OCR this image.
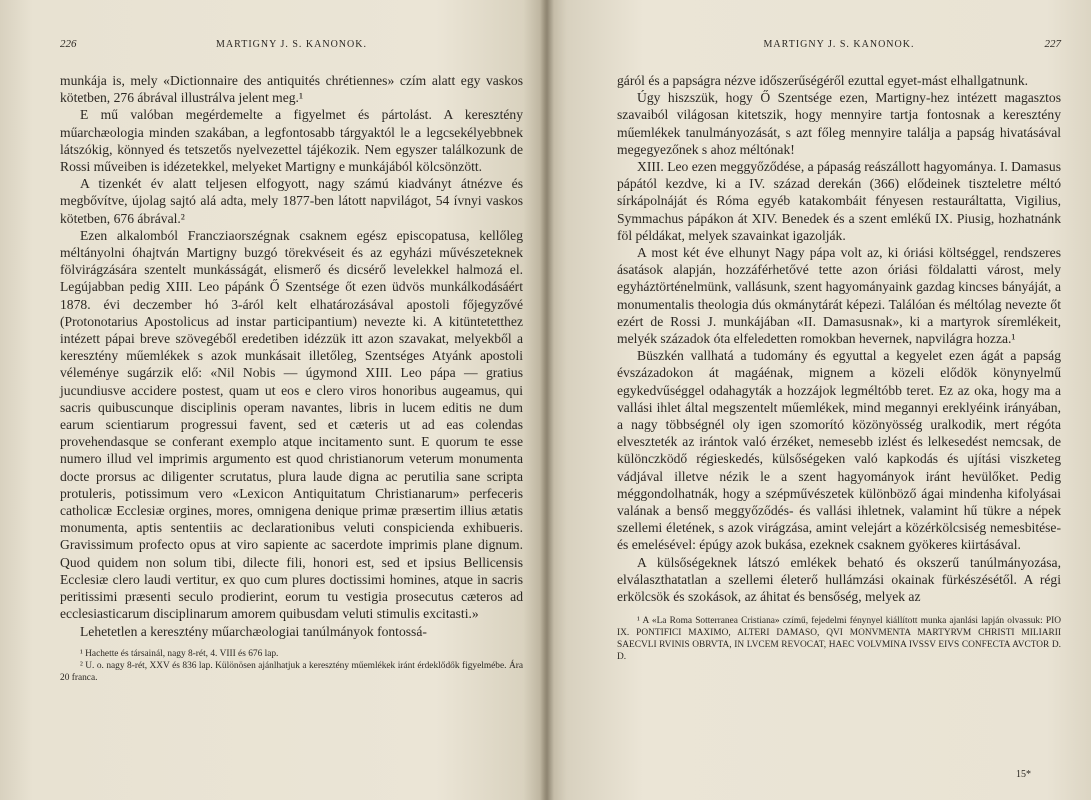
226	MARTIGNY J. S. KANONOK.

munkája is, mely «Dictionnaire des antiquités chrétiennes» czím alatt egy vaskos kötetben, 276 ábrával illustrálva jelent meg.¹

E mű valóban megérdemelte a figyelmet és pártolást. A keresztény műarchæologia minden szakában, a legfontosabb tárgyaktól le a legcsekélyebbnek látszókig, könnyed és tetszetős nyelvezettel tájékozik. Nem egyszer találkozunk de Rossi műveiben is idézetekkel, melyeket Martigny e munkájából kölcsönzött.

A tizenkét év alatt teljesen elfogyott, nagy számú kiadványt átnézve és megbővítve, újolag sajtó alá adta, mely 1877-ben látott napvilágot, 54 ívnyi vaskos kötetben, 676 ábrával.²

Ezen alkalomból Francziaorszégnak csaknem egész episcopatusa, kellőleg méltányolni óhajtván Martigny buzgó törekvéseit és az egyházi művészeteknek fölvirágzására szentelt munkásságát, elismerő és dicsérő levelekkel halmozá el. Legújabban pedig XIII. Leo pápánk Ő Szentsége őt ezen üdvös munkálkodásáért 1878. évi deczember hó 3-áról kelt elhatározásával apostoli főjegyzővé (Protonotarius Apostolicus ad instar participantium) nevezte ki. A kitüntetetthez intézett pápai breve szövegéből eredetiben idézzük itt azon szavakat, melyekből a keresztény műemlékek s azok munkásait illetőleg, Szentséges Atyánk apostoli véleménye sugárzik elő: «Nil Nobis — úgymond XIII. Leo pápa — gratius jucundiusve accidere postest, quam ut eos e clero viros honoribus augeamus, qui sacris quibuscunque disciplinis operam navantes, libris in lucem editis ne dum earum scientiarum progressui favent, sed et cæteris ut ad eas colendas provehendasque se conferant exemplo atque incitamento sunt. E quorum te esse numero illud vel imprimis argumento est quod christianorum veterum monumenta docte prorsus ac diligenter scrutatus, plura laude digna ac perutilia sane scripta protuleris, potissimum vero «Lexicon Antiquitatum Christianarum» perfeceris catholicæ Ecclesiæ orgines, mores, omnigena denique primæ præsertim illius ætatis monumenta, aptis sententiis ac declarationibus veluti conspicienda exhibueris. Gravissimum profecto opus at viro sapiente ac sacerdote imprimis plane dignum. Quod quidem non solum tibi, dilecte fili, honori est, sed et ipsius Bellicensis Ecclesiæ clero laudi vertitur, ex quo cum plures doctissimi homines, atque in sacris peritissimi præsenti seculo prodierint, eorum tu vestigia prosecutus cæteros ad ecclesiasticarum disciplinarum amorem quibusdam veluti stimulis excitasti.»

Lehetetlen a keresztény műarchæologiai tanúlmányok fontossá-

¹ Hachette és társainál, nagy 8-rét, 4. VIII és 676 lap.
² U. o. nagy 8-rét, XXV és 836 lap. Különösen ajánlhatjuk a keresztény műemlékek iránt érdeklődők figyelmébe. Ára 20 franca.
MARTIGNY J. S. KANONOK.	227

gáról és a papságra nézve időszerűségéről ezuttal egyet-mást elhallgatnunk.

Úgy hiszszük, hogy Ő Szentsége ezen, Martigny-hez intézett magasztos szavaiból világosan kitetszik, hogy mennyire tartja fontosnak a keresztény műemlékek tanulmányozását, s azt főleg mennyire találja a papság hivatásával megegyezőnek s ahoz méltónak!

XIII. Leo ezen meggyőződése, a pápaság reászállott hagyománya. I. Damasus pápától kezdve, ki a IV. század derekán (366) elődeinek tiszteletre méltó sírkápolnáját és Róma egyéb katakombáit fényesen restauráltatta, Vigilius, Symmachus pápákon át XIV. Benedek és a szent emlékű IX. Piusig, hozhatnánk föl példákat, melyek szavainkat igazolják.

A most két éve elhunyt Nagy pápa volt az, ki óriási költséggel, rendszeres ásatások alapján, hozzáférhetővé tette azon óriási földalatti várost, mely egyháztörténelmünk, vallásunk, szent hagyományaink gazdag kincses bányáját, a monumentalis theologia dús okmánytárát képezi. Találóan és méltólag nevezte őt ezért de Rossi J. munkájában «II. Damasusnak», ki a martyrok síremlékeit, melyék századok óta elfeledetten romokban hevernek, napvilágra hozza.¹

Büszkén vallhatá a tudomány és egyuttal a kegyelet ezen ágát a papság évszázadokon át magáénak, mignem a közeli elődök könynyelmű egykedvűséggel odahagyták a hozzájok legméltóbb teret. Ez az oka, hogy ma a vallási ihlet által megszentelt műemlékek, mind megannyi ereklyéink irányában, a nagy többségnél oly igen szomorító közönyösség uralkodik, mert régóta elveszteték az irántok való érzéket, nemesebb izlést és lelkesedést nemcsak, de különczködő régieskedés, külsőségeken való kapkodás és ujítási viszketeg vádjával illetve nézik le a szent hagyományok iránt hevülőket. Pedig méggondolhatnák, hogy a szépművészetek különböző ágai mindenha kifolyásai valának a benső meggyőződés- és vallási ihletnek, valamint hű tükre a népek szellemi életének, s azok virágzása, amint velejárt a közérkölcsiség nemesbitése- és emelésével: épúgy azok bukása, ezeknek csaknem gyökeres kiirtásával.

A külsőségeknek látszó emlékek beható és okszerű tanúlmányozása, elválaszthatatlan a szellemi életerő hullámzási okainak fürkészésétől. A régi erkölcsök és szokások, az áhitat és bensőség, melyek az

¹ A «La Roma Sotterranea Cristiana» czímű, fejedelmi fénynyel kiállított munka ajanlási lapján olvassuk: PIO IX. PONTIFICI MAXIMO, ALTERI DAMASO, QVI MONVMENTA MARTYRVM CHRISTI MILIARII SAECVLI RVINIS OBRVTA, IN LVCEM REVOCAT, HAEC VOLVMINA IVSSV EIVS CONFECTA AVCTOR D. D.
15*
